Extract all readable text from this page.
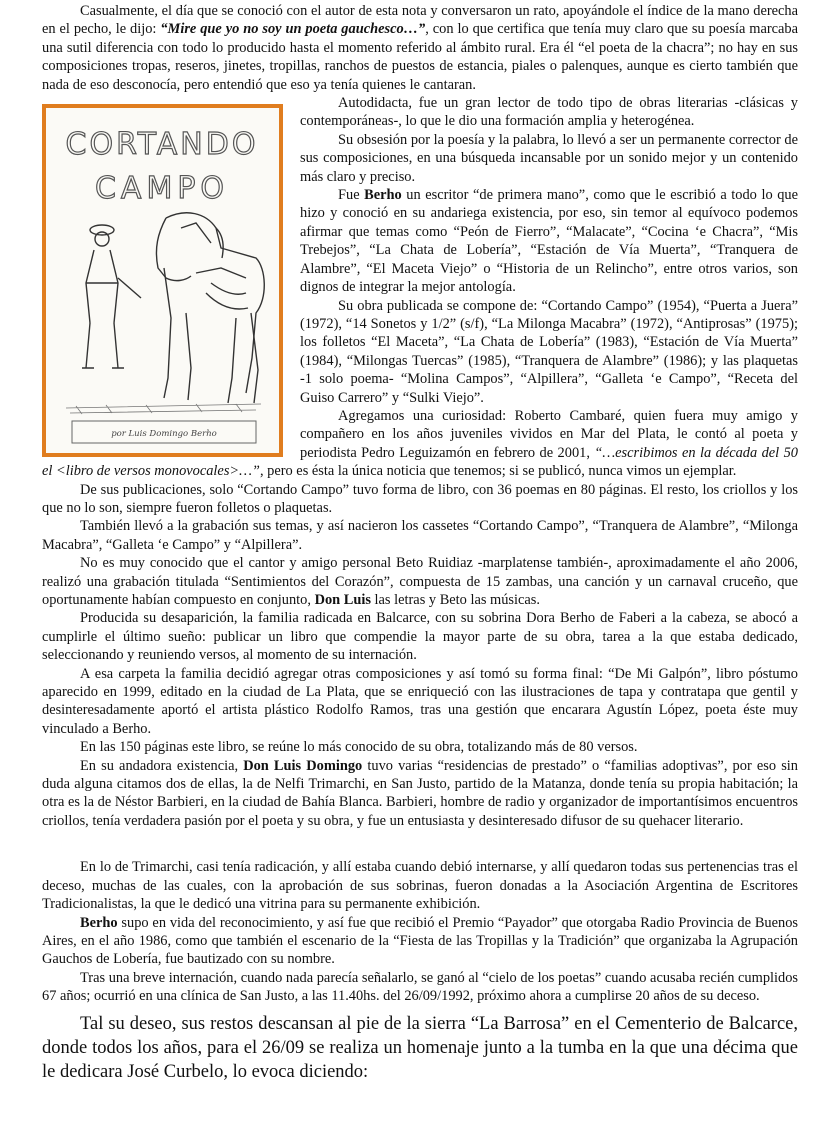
Casualmente, el día que se conoció con el autor de esta nota y conversaron un rato, apoyándole el índice de la mano derecha en el pecho, le dijo: “Mire que yo no soy un poeta gauchesco…”, con lo que certifica que tenía muy claro que su poesía marcaba una sutil diferencia con todo lo producido hasta el momento referido al ámbito rural. Era él “el poeta de la chacra”; no hay en sus composiciones tropas, reseros, jinetes, tropillas, ranchos de puestos de estancia, piales o palenques, aunque es cierto también que nada de eso desconocía, pero entendió que eso ya tenía quienes le cantaran.

CORTANDO
CAMPO
por Luis Domingo Berho

Autodidacta, fue un gran lector de todo tipo de obras literarias -clásicas y contemporáneas-, lo que le dio una formación amplia y heterogénea.

Su obsesión por la poesía y la palabra, lo llevó a ser un permanente corrector de sus composiciones, en una búsqueda incansable por un sonido mejor y un contenido más claro y preciso.

Fue Berho un escritor “de primera mano”, como que le escribió a todo lo que hizo y conoció en su andariega existencia, por eso, sin temor al equívoco podemos afirmar que temas como “Peón de Fierro”, “Malacate”, “Cocina ‘e Chacra”, “Mis Trebejos”, “La Chata de Lobería”, “Estación de Vía Muerta”, “Tranquera de Alambre”, “El Maceta Viejo” o “Historia de un Relincho”, entre otros varios, son dignos de integrar la mejor antología.

Su obra publicada se compone de: “Cortando Campo” (1954), “Puerta a Juera” (1972), “14 Sonetos y 1/2” (s/f), “La Milonga Macabra” (1972), “Antiprosas” (1975); los folletos “El Maceta”, “La Chata de Lobería” (1983), “Estación de Vía Muerta” (1984), “Milongas Tuercas” (1985), “Tranquera de Alambre” (1986); y las plaquetas -1 solo poema- “Molina Campos”, “Alpillera”, “Galleta ‘e Campo”, “Receta del Guiso Carrero” y “Sulki Viejo”.

Agregamos una curiosidad: Roberto Cambaré, quien fuera muy amigo y compañero en los años juveniles vividos en Mar del Plata, le contó al poeta y periodista Pedro Leguizamón en febrero de 2001, “…escribimos en la década del 50 el <libro de versos monovocales>…”, pero es ésta la única noticia que tenemos; si se publicó, nunca vimos un ejemplar.

De sus publicaciones, solo “Cortando Campo” tuvo forma de libro, con 36 poemas en 80 páginas. El resto, los criollos y los que no lo son, siempre fueron folletos o plaquetas.

También llevó a la grabación sus temas, y así nacieron los cassetes “Cortando Campo”, “Tranquera de Alambre”, “Milonga Macabra”, “Galleta ‘e Campo” y “Alpillera”.

No es muy conocido que el cantor y amigo personal Beto Ruidiaz -marplatense también-, aproximadamente el año 2006, realizó una grabación titulada “Sentimientos del Corazón”, compuesta de 15 zambas, una canción y un carnaval cruceño, que oportunamente habían compuesto en conjunto, Don Luis las letras y Beto las músicas.

Producida su desaparición, la familia radicada en Balcarce, con su sobrina Dora Berho de Faberi a la cabeza, se abocó a cumplirle el último sueño: publicar un libro que compendie la mayor parte de su obra, tarea a la que estaba dedicado, seleccionando y reuniendo versos, al momento de su internación.

A esa carpeta la familia decidió agregar otras composiciones y así tomó su forma final: “De Mi Galpón”, libro póstumo aparecido en 1999, editado en la ciudad de La Plata, que se enriqueció con las ilustraciones de tapa y contratapa que gentil y desinteresadamente aportó el artista plástico Rodolfo Ramos, tras una gestión que encarara Agustín López, poeta éste muy vinculado a Berho.

En las 150 páginas este libro, se reúne lo más conocido de su obra, totalizando más de 80 versos.

En su andadora existencia, Don Luis Domingo tuvo varias “residencias de prestado” o “familias adoptivas”, por eso sin duda alguna citamos dos de ellas, la de Nelfi Trimarchi, en San Justo, partido de la Matanza, donde tenía su propia habitación; la otra es la de Néstor Barbieri, en la ciudad de Bahía Blanca. Barbieri, hombre de radio y organizador de importantísimos encuentros criollos, tenía verdadera pasión por el poeta y su obra, y fue un entusiasta y desinteresado difusor de su quehacer literario.

En lo de Trimarchi, casi tenía radicación, y allí estaba cuando debió internarse, y allí quedaron todas sus pertenencias tras el deceso, muchas de las cuales, con la aprobación de sus sobrinas, fueron donadas a la Asociación Argentina de Escritores Tradicionalistas, la que le dedicó una vitrina para su permanente exhibición.

Berho supo en vida del reconocimiento, y así fue que recibió el Premio “Payador” que otorgaba Radio Provincia de Buenos Aires, en el año 1986, como que también el escenario de la “Fiesta de las Tropillas y la Tradición” que organizaba la Agrupación Gauchos de Lobería, fue bautizado con su nombre.

Tras una breve internación, cuando nada parecía señalarlo, se ganó al “cielo de los poetas” cuando acusaba recién cumplidos 67 años; ocurrió en una clínica de San Justo, a las 11.40hs. del 26/09/1992, próximo ahora a cumplirse 20 años de su deceso.

Tal su deseo, sus restos descansan al pie de la sierra “La Barrosa” en el Cementerio de Balcarce, donde todos los años, para el 26/09 se realiza un homenaje junto a la tumba en la que una décima que le dedicara José Curbelo, lo evoca diciendo:
